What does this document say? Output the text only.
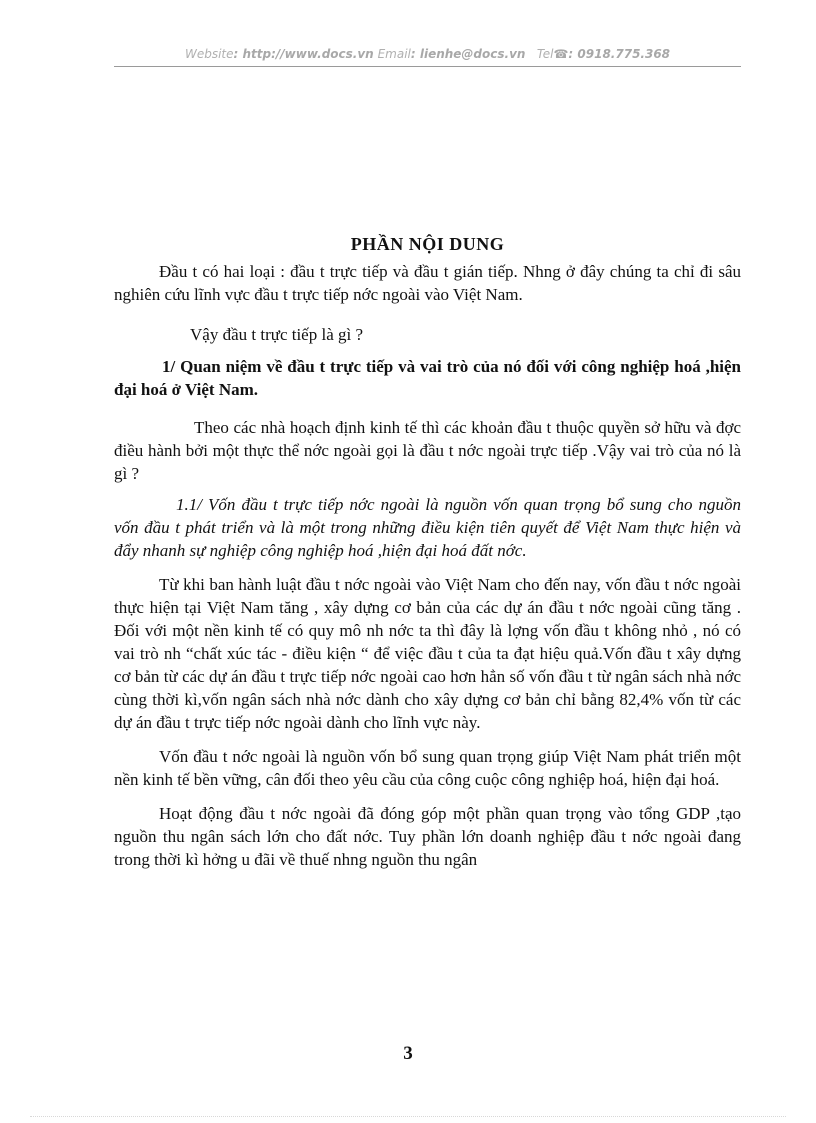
Website: http://www.docs.vn Email: lienhe@docs.vn Tel☎: 0918.775.368

PHẦN NỘI DUNG

Đầu t có hai loại : đầu t trực tiếp và đầu t gián tiếp. Nhng ở đây chúng ta chỉ đi sâu nghiên cứu lĩnh vực đầu t trực tiếp nớc ngoài vào Việt Nam.

Vậy đầu t trực tiếp là gì ?

1/ Quan niệm về đầu t trực tiếp và vai trò của nó đối với công nghiệp hoá ,hiện đại hoá ở Việt Nam.

Theo các nhà hoạch định kinh tế thì các khoản đầu t thuộc quyền sở hữu và đợc điều hành bởi một thực thể nớc ngoài gọi là đầu t nớc ngoài trực tiếp .Vậy vai trò của nó là gì ?

1.1/ Vốn đầu t trực tiếp nớc ngoài là nguồn vốn quan trọng bổ sung cho nguồn vốn đầu t phát triển và là một trong những điều kiện tiên quyết để Việt Nam thực hiện và đẩy nhanh sự nghiệp công nghiệp hoá ,hiện đại hoá đất nớc.

Từ khi ban hành luật đầu t nớc ngoài vào Việt Nam cho đến nay, vốn đầu t nớc ngoài thực hiện tại Việt Nam tăng , xây dựng cơ bản của các dự án đầu t nớc ngoài cũng tăng . Đối với một nền kinh tế có quy mô nh nớc ta thì đây là lợng vốn đầu t không nhỏ , nó có vai trò nh “chất xúc tác - điều kiện “ để việc đầu t của ta đạt hiệu quả.Vốn đầu t xây dựng cơ bản từ các dự án đầu t trực tiếp nớc ngoài cao hơn hẳn số vốn đầu t từ ngân sách nhà nớc cùng thời kì,vốn ngân sách nhà nớc dành cho xây dựng cơ bản chỉ bằng 82,4% vốn từ các dự án đầu t trực tiếp nớc ngoài dành cho lĩnh vực này.

Vốn đầu t nớc ngoài là nguồn vốn bổ sung quan trọng giúp Việt Nam phát triển một nền kinh tế bền vững, cân đối theo yêu cầu của công cuộc công nghiệp hoá, hiện đại hoá.

Hoạt động đầu t nớc ngoài đã đóng góp một phần quan trọng vào tổng GDP ,tạo nguồn thu ngân sách lớn cho đất nớc. Tuy phần lớn doanh nghiệp đầu t nớc ngoài đang trong thời kì hởng u đãi về thuế nhng nguồn thu ngân

3
